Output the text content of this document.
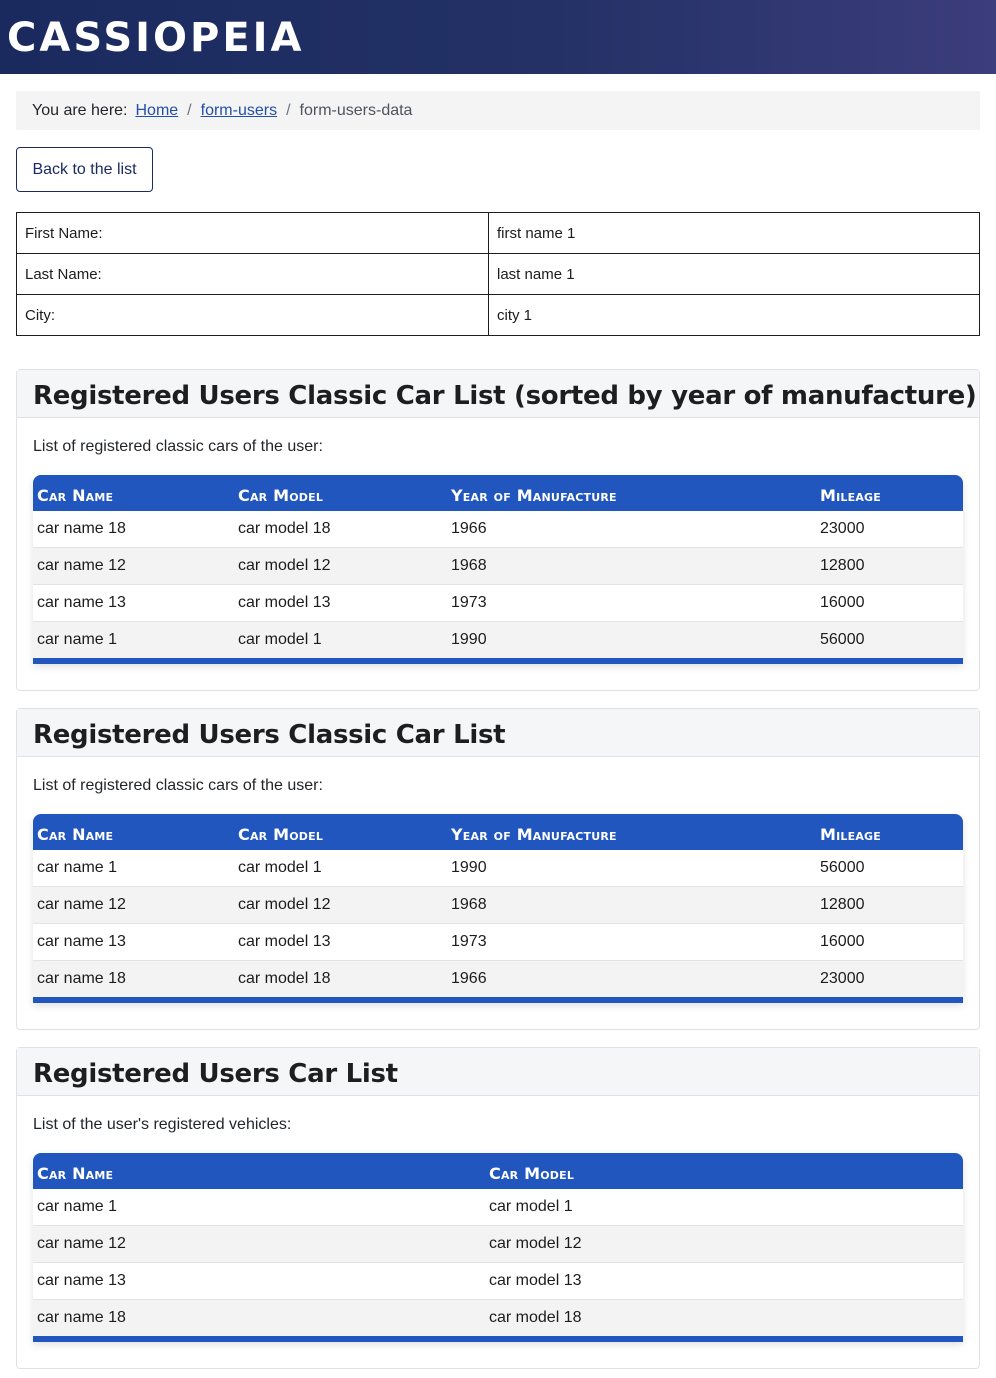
CASSIOPEIA
You are here: Home / form-users / form-users-data
Back to the list
First Name:	first name 1
Last Name:	last name 1
City:	city 1
Registered Users Classic Car List (sorted by year of manufacture)

List of registered classic cars of the user:

Car Name	Car Model	Year of Manufacture	Mileage
car name 18	car model 18	1966	23000
car name 12	car model 12	1968	12800
car name 13	car model 13	1973	16000
car name 1	car model 1	1990	56000
Registered Users Classic Car List

List of registered classic cars of the user:

Car Name	Car Model	Year of Manufacture	Mileage
car name 1	car model 1	1990	56000
car name 12	car model 12	1968	12800
car name 13	car model 13	1973	16000
car name 18	car model 18	1966	23000
Registered Users Car List

List of the user's registered vehicles:

Car Name	Car Model
car name 1	car model 1
car name 12	car model 12
car name 13	car model 13
car name 18	car model 18
